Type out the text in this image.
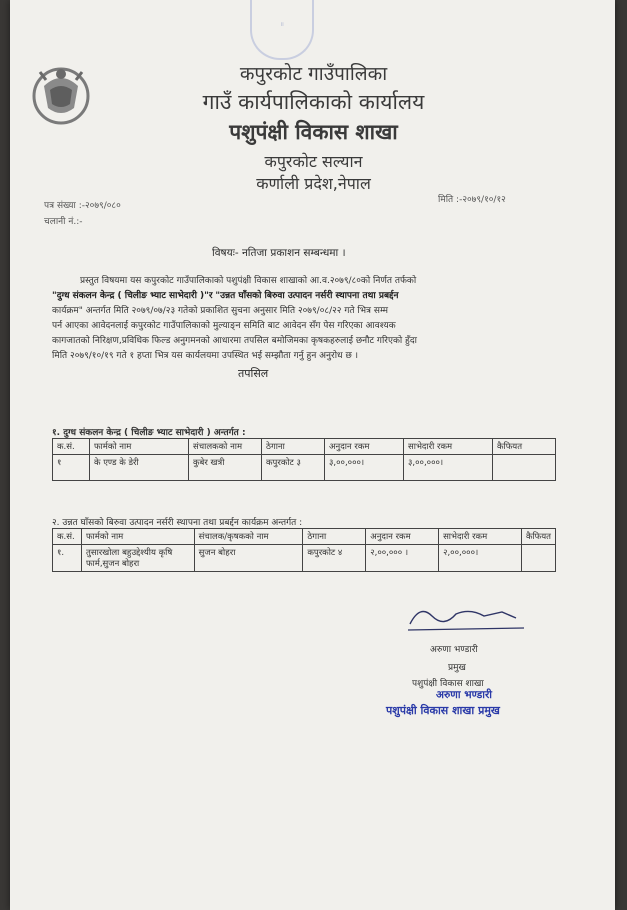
॥
कपुरकोट गाउँपालिका
गाउँ कार्यपालिकाको कार्यालय
पशुपंक्षी विकास शाखा
कपुरकोट सल्यान
कर्णाली प्रदेश,नेपाल
पत्र संख्या :-२०७९/०८०
चलानी नं.:-
मिति :-२०७९/१०/१२
विषयः- नतिजा प्रकाशन सम्बन्धमा ।
प्रस्तुत विषयमा यस कपुरकोट गाउँपालिकाको पशुपंक्षी विकास शाखाको आ.व.२०७९/८०को निर्णत तर्फको
"दुग्ध संकलन केन्द्र ( चिलीङ भ्याट साभेदारी )"र "उन्नत घाँसको बिरुवा उत्पादन नर्सरी स्थापना तथा प्रबर्द्दन
कार्यक्रम" अन्तर्गत मिति २०७९/०७/२३ गतेको प्रकाशित सुचना अनुसार मिति २०७९/०८/२२ गते भित्र सम्म
पर्न आएका आवेदनलाई कपुरकोट गाउँपालिकाको मुल्याङ्न समिति बाट आवेदन सँग पेस गरिएका आवश्यक
कागजातको निरिक्षण,प्रविधिक फिल्ड अनुगमनको आधारमा तपसिल बमोजिमका कृषकहरुलाई छनौट गरिएको हुँदा
मिति २०७९/१०/१९ गते १ हप्ता भित्र यस कार्यलयमा उपस्थित भई सम्झौता गर्नु हुन अनुरोध छ ।
तपसिल
१. दुग्ध संकलन केन्द्र ( चिलीङ भ्याट साभेदारी ) अन्तर्गत :
क.सं.	फार्मको नाम	संचालकको नाम	ठेगाना	अनुदान रकम	साभेदारी रकम	कैफियत
१	के एण्ड के डेरी	कुबेर खत्री	कपुरकोट ३	३,००,०००।	३,००,०००।	
२. उन्नत घाँसको बिरुवा उत्पादन नर्सरी स्थापना तथा प्रबर्द्दन कार्यक्रम अन्तर्गत :
क.सं.	फार्मको नाम	संचालक/कृषकको नाम	ठेगाना	अनुदान रकम	साभेदारी रकम	कैफियत
१.	तुसारखोला बहुउद्देश्यीय कृषि फार्म,सुजन बोहरा	सुजन बोहरा	कपुरकोट ४	२,००,००० ।	२,००,०००।	
अरुणा भण्डारी
प्रमुख
पशुपंक्षी विकास शाखा
अरुणा भण्डारी
पशुपंक्षी विकास शाखा प्रमुख
